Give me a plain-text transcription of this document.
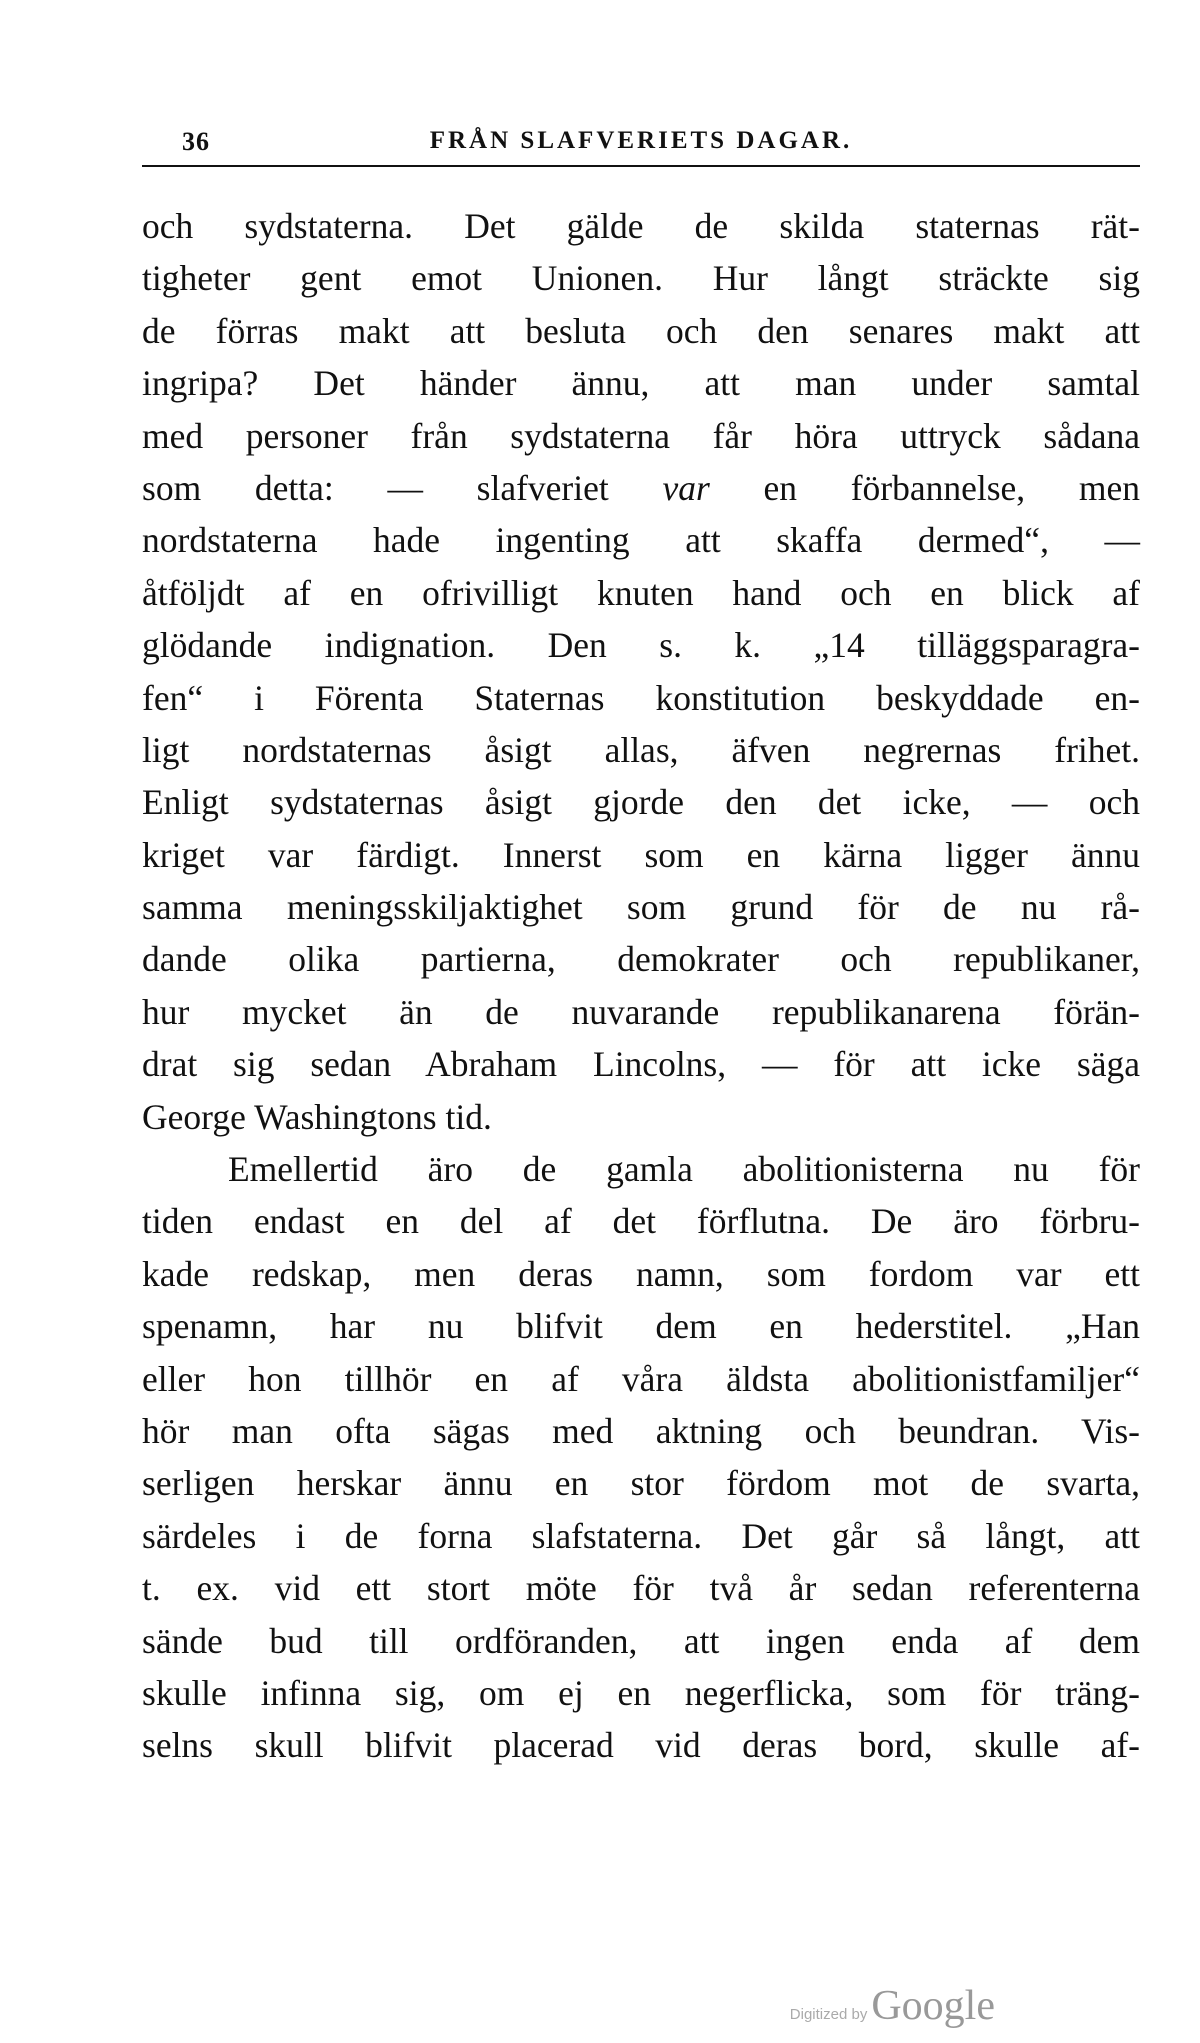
36	FRÅN SLAFVERIETS DAGAR.
och sydstaterna. Det gälde de skilda staternas rät-
tigheter gent emot Unionen. Hur långt sträckte sig
de förras makt att besluta och den senares makt att
ingripa? Det händer ännu, att man under samtal
med personer från sydstaterna får höra uttryck sådana
som detta: — slafveriet var en förbannelse, men
nordstaterna hade ingenting att skaffa dermed“, —
åtföljdt af en ofrivilligt knuten hand och en blick af
glödande indignation. Den s. k. „14 tilläggsparagra-
fen“ i Förenta Staternas konstitution beskyddade en-
ligt nordstaternas åsigt allas, äfven negrernas frihet.
Enligt sydstaternas åsigt gjorde den det icke, — och
kriget var färdigt. Innerst som en kärna ligger ännu
samma meningsskiljaktighet som grund för de nu rå-
dande olika partierna, demokrater och republikaner,
hur mycket än de nuvarande republikanarena förän-
drat sig sedan Abraham Lincolns, — för att icke säga
George Washingtons tid.
Emellertid äro de gamla abolitionisterna nu för
tiden endast en del af det förflutna. De äro förbru-
kade redskap, men deras namn, som fordom var ett
spenamn, har nu blifvit dem en hederstitel. „Han
eller hon tillhör en af våra äldsta abolitionistfamiljer“
hör man ofta sägas med aktning och beundran. Vis-
serligen herskar ännu en stor fördom mot de svarta,
särdeles i de forna slafstaterna. Det går så långt, att
t. ex. vid ett stort möte för två år sedan referenterna
sände bud till ordföranden, att ingen enda af dem
skulle infinna sig, om ej en negerflicka, som för träng-
selns skull blifvit placerad vid deras bord, skulle af-
Digitized by Google
